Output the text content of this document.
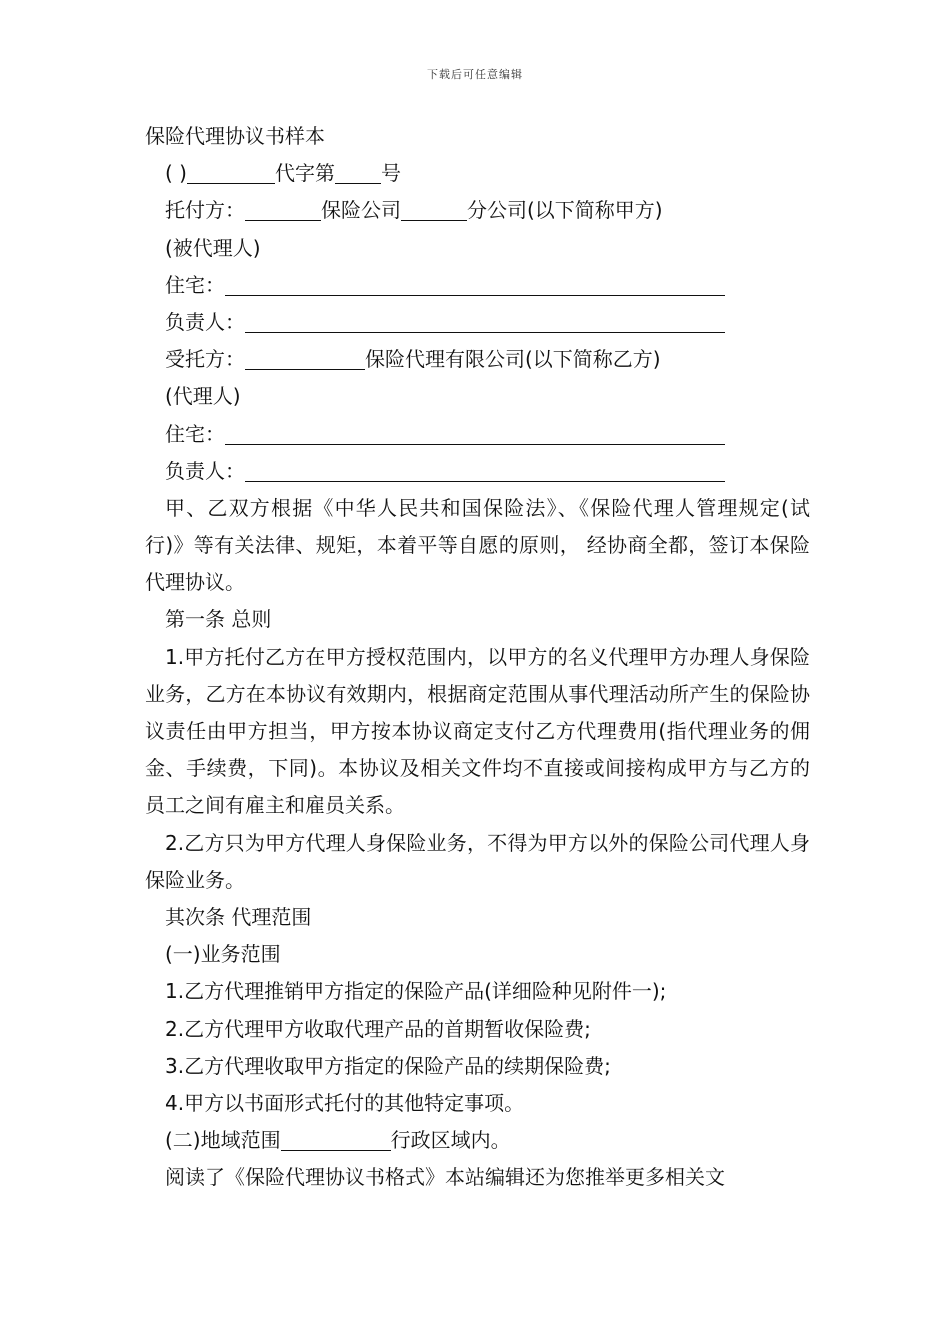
下载后可任意编辑
保险代理协议书样本
( )	代字第 号
托付方：	保险公司	分公司(以下简称甲方)
(被代理人)
住宅：
负责人：
受托方：	保险代理有限公司(以下简称乙方)
(代理人)
住宅：
负责人：
甲、乙双方根据《中华人民共和国保险法》、《保险代理人管理规定(试行)》等有关法律、规矩，本着平等自愿的原则， 经协商全都，签订本保险代理协议。
第一条 总则
1.甲方托付乙方在甲方授权范围内，以甲方的名义代理甲方办理人身保险业务，乙方在本协议有效期内，根据商定范围从事代理活动所产生的保险协议责任由甲方担当，甲方按本协议商定支付乙方代理费用(指代理业务的佣金、手续费，下同)。本协议及相关文件均不直接或间接构成甲方与乙方的员工之间有雇主和雇员关系。
2.乙方只为甲方代理人身保险业务，不得为甲方以外的保险公司代理人身保险业务。
其次条 代理范围
(一)业务范围
1.乙方代理推销甲方指定的保险产品(详细险种见附件一);
2.乙方代理甲方收取代理产品的首期暂收保险费;
3.乙方代理收取甲方指定的保险产品的续期保险费;
4.甲方以书面形式托付的其他特定事项。
(二)地域范围	行政区域内。
阅读了《保险代理协议书格式》本站编辑还为您推举更多相关文
